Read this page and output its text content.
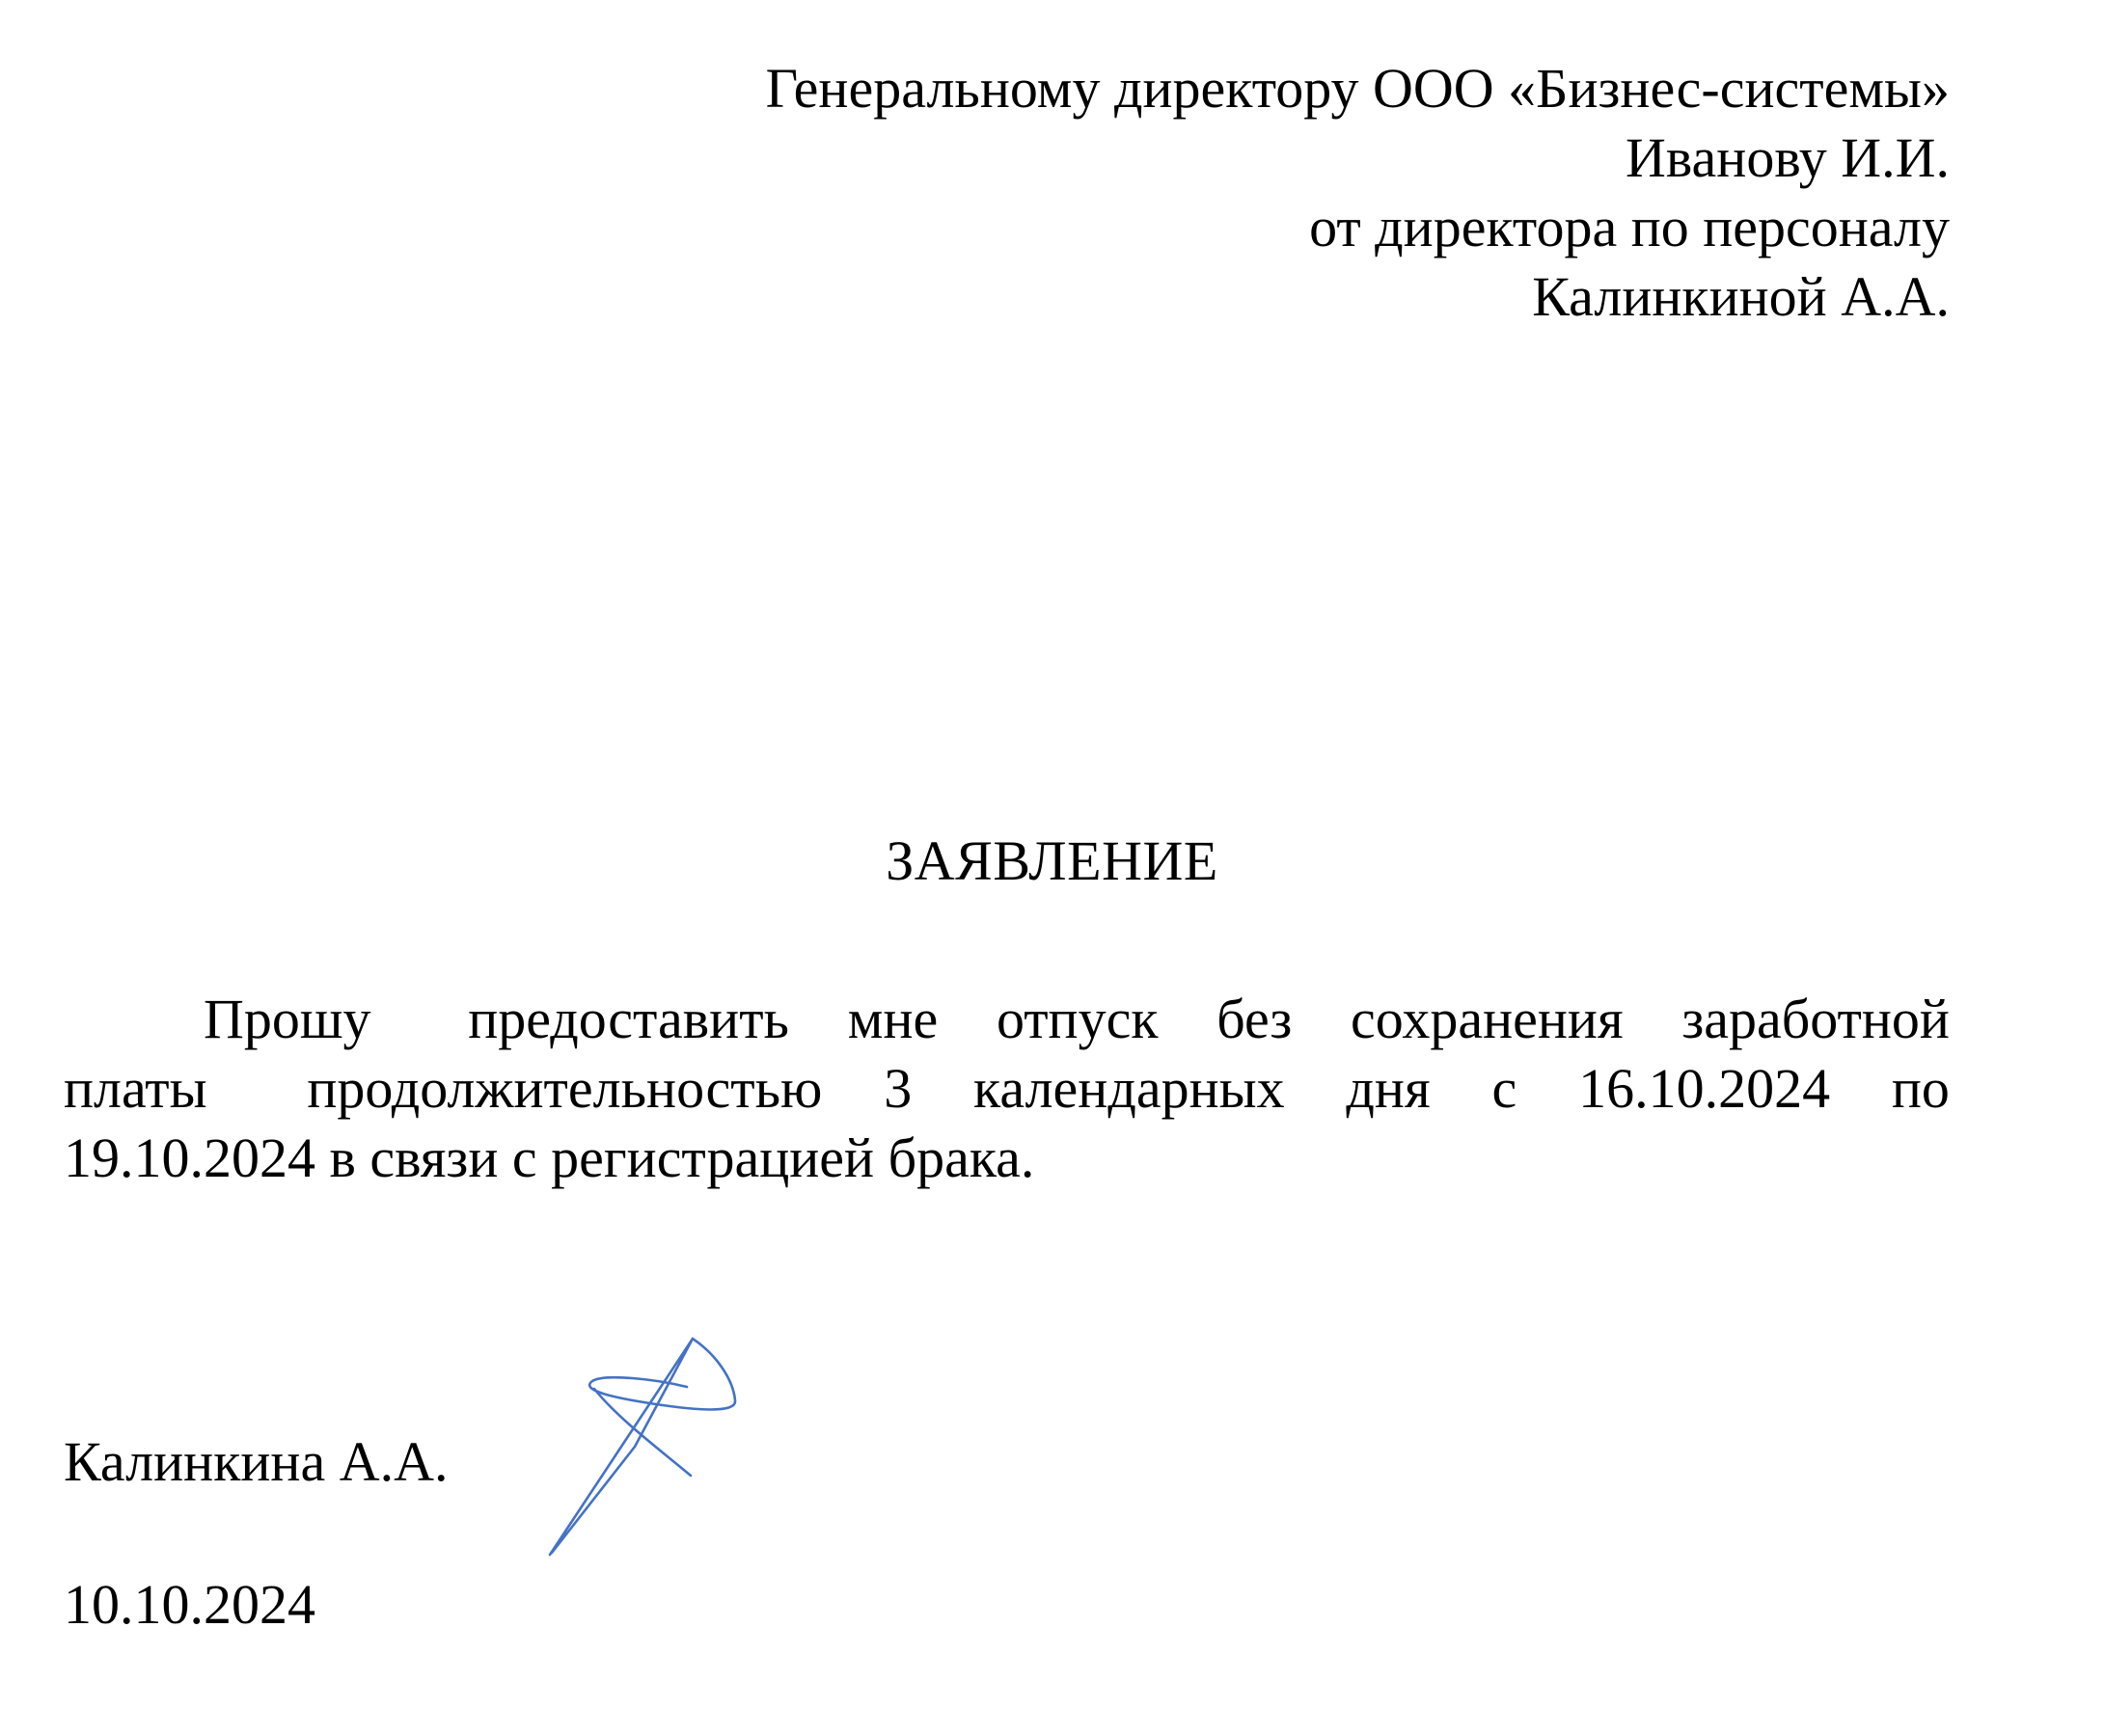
Генеральному директору ООО «Бизнес-системы»
Иванову И.И.
от директора по персоналу
Калинкиной А.А.
ЗАЯВЛЕНИЕ
Прошу предоставить мне отпуск без сохранения заработной
платы продолжительностью 3 календарных дня с 16.10.2024 по
19.10.2024 в связи с регистрацией брака.
Калинкина А.А.
10.10.2024
